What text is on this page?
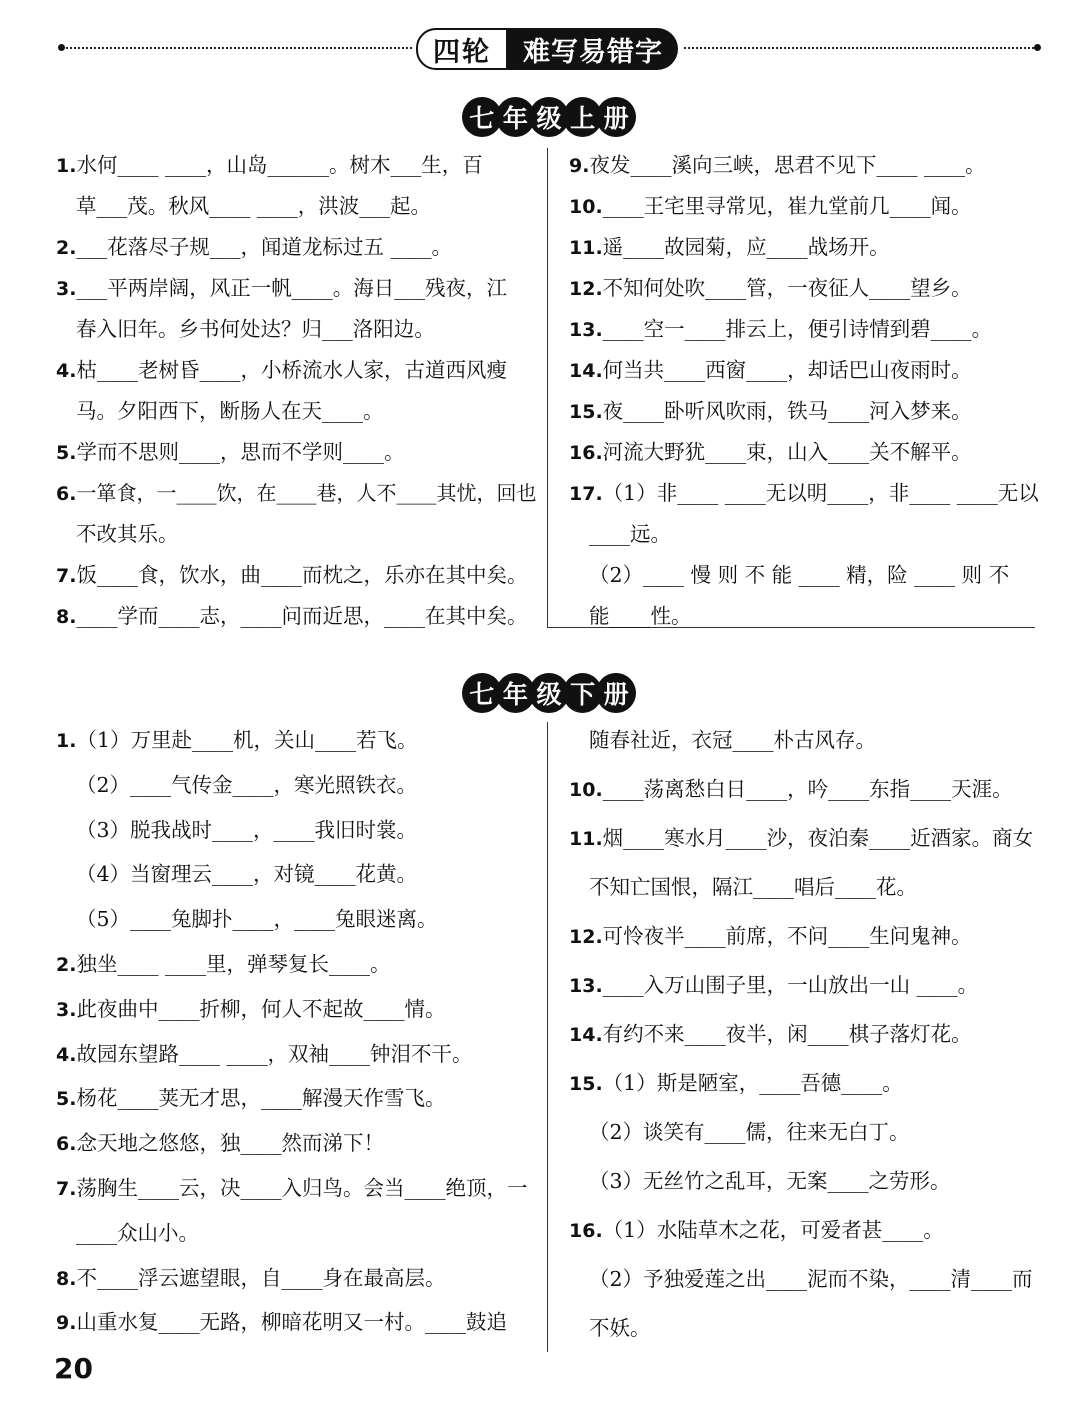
四轮	难写易错字
七 年 级 上 册
1.水何____ ____，山岛______。树木___生，百
草___茂。秋风____ ____，洪波___起。
2.___花落尽子规___，闻道龙标过五 ____。
3.___平两岸阔，风正一帆____。海日___残夜，江
春入旧年。乡书何处达？归___洛阳边。
4.枯____老树昏____，小桥流水人家，古道西风瘦
马。夕阳西下，断肠人在天____。
5.学而不思则____，思而不学则____。
6.一箪食，一____饮，在____巷，人不____其忧，回也
不改其乐。
7.饭____食，饮水，曲____而枕之，乐亦在其中矣。
8.____学而____志，____问而近思，____在其中矣。
9.夜发____溪向三峡，思君不见下____ ____。
10.____王宅里寻常见，崔九堂前几____闻。
11.遥____故园菊，应____战场开。
12.不知何处吹____管，一夜征人____望乡。
13.____空一____排云上，便引诗情到碧____。
14.何当共____西窗____，却话巴山夜雨时。
15.夜____卧听风吹雨，铁马____河入梦来。
16.河流大野犹____束，山入____关不解平。
17.（1）非____ ____无以明____，非____ ____无以
____远。
（2）____ 慢 则 不 能 ____ 精，险 ____ 则 不
能____性。
七 年 级 下 册
1.（1）万里赴____机，关山____若飞。
（2）____气传金____，寒光照铁衣。
（3）脱我战时____，____我旧时裳。
（4）当窗理云____，对镜____花黄。
（5）____兔脚扑____，____兔眼迷离。
2.独坐____ ____里，弹琴复长____。
3.此夜曲中____折柳，何人不起故____情。
4.故园东望路____ ____，双袖____钟泪不干。
5.杨花____荚无才思，____解漫天作雪飞。
6.念天地之悠悠，独____然而涕下！
7.荡胸生____云，决____入归鸟。会当____绝顶，一
____众山小。
8.不____浮云遮望眼，自____身在最高层。
9.山重水复____无路，柳暗花明又一村。____鼓追
随春社近，衣冠____朴古风存。
10.____荡离愁白日____，吟____东指____天涯。
11.烟____寒水月____沙，夜泊秦____近酒家。商女
不知亡国恨，隔江____唱后____花。
12.可怜夜半____前席，不问____生问鬼神。
13.____入万山围子里，一山放出一山 ____。
14.有约不来____夜半，闲____棋子落灯花。
15.（1）斯是陋室，____吾德____。
（2）谈笑有____儒，往来无白丁。
（3）无丝竹之乱耳，无案____之劳形。
16.（1）水陆草木之花，可爱者甚____。
（2）予独爱莲之出____泥而不染，____清____而
不妖。
20
